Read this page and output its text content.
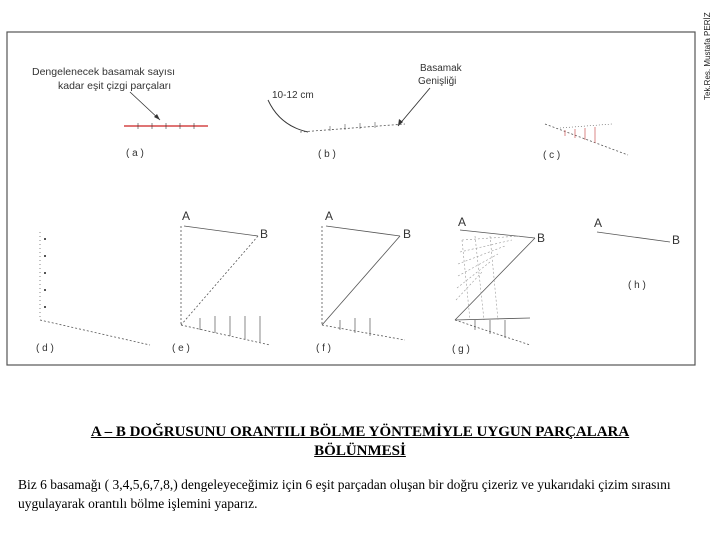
Dengelenecek basamak sayısı
kadar eşit çizgi parçaları
( a )
Basamak
Genişliği
10-12 cm
( b )	( c )
( d )
A
B
( e )
A
B
( f )
A
B
( g )
A
B
( h )
Tek.Res. Mustafa PERİZ
A – B DOĞRUSUNU ORANTILI BÖLME YÖNTEMİYLE UYGUN PARÇALARA
BÖLÜNMESİ
Biz 6 basamağı ( 3,4,5,6,7,8,) dengeleyeceğimiz için 6 eşit parçadan oluşan bir doğru çizeriz ve yukarıdaki çizim sırasını uygulayarak orantılı bölme işlemini yaparız.
